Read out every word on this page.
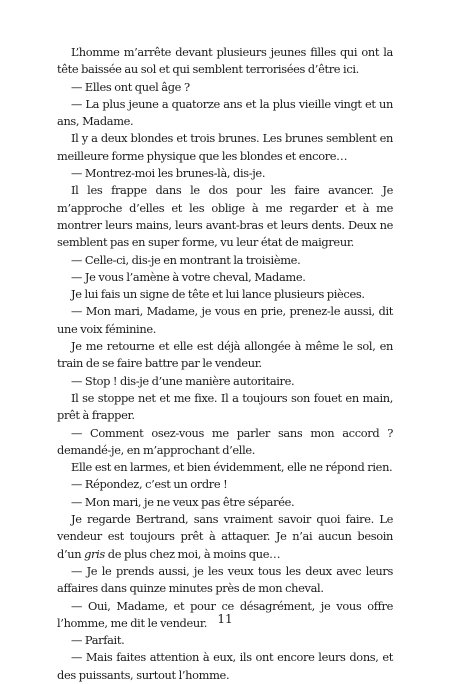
L’homme m’arrête devant plusieurs jeunes filles qui ont la tête baissée au sol et qui semblent terrorisées d’être ici.

— Elles ont quel âge ?

— La plus jeune a quatorze ans et la plus vieille vingt et un ans, Madame.

Il y a deux blondes et trois brunes. Les brunes semblent en meilleure forme physique que les blondes et encore…

— Montrez-moi les brunes-là, dis-je.

Il les frappe dans le dos pour les faire avancer. Je m’approche d’elles et les oblige à me regarder et à me montrer leurs mains, leurs avant-bras et leurs dents. Deux ne semblent pas en super forme, vu leur état de maigreur.

— Celle-ci, dis-je en montrant la troisième.

— Je vous l’amène à votre cheval, Madame.

Je lui fais un signe de tête et lui lance plusieurs pièces.

— Mon mari, Madame, je vous en prie, prenez-le aussi, dit une voix féminine.

Je me retourne et elle est déjà allongée à même le sol, en train de se faire battre par le vendeur.

— Stop ! dis-je d’une manière autoritaire.

Il se stoppe net et me fixe. Il a toujours son fouet en main, prêt à frapper.

— Comment osez-vous me parler sans mon accord ? demandé-je, en m’approchant d’elle.

Elle est en larmes, et bien évidemment, elle ne répond rien.

— Répondez, c’est un ordre !

— Mon mari, je ne veux pas être séparée.

Je regarde Bertrand, sans vraiment savoir quoi faire. Le vendeur est toujours prêt à attaquer. Je n’ai aucun besoin d’un gris de plus chez moi, à moins que…

— Je le prends aussi, je les veux tous les deux avec leurs affaires dans quinze minutes près de mon cheval.

— Oui, Madame, et pour ce désagrément, je vous offre l’homme, me dit le vendeur.

— Parfait.

— Mais faites attention à eux, ils ont encore leurs dons, et des puissants, surtout l’homme.

11
